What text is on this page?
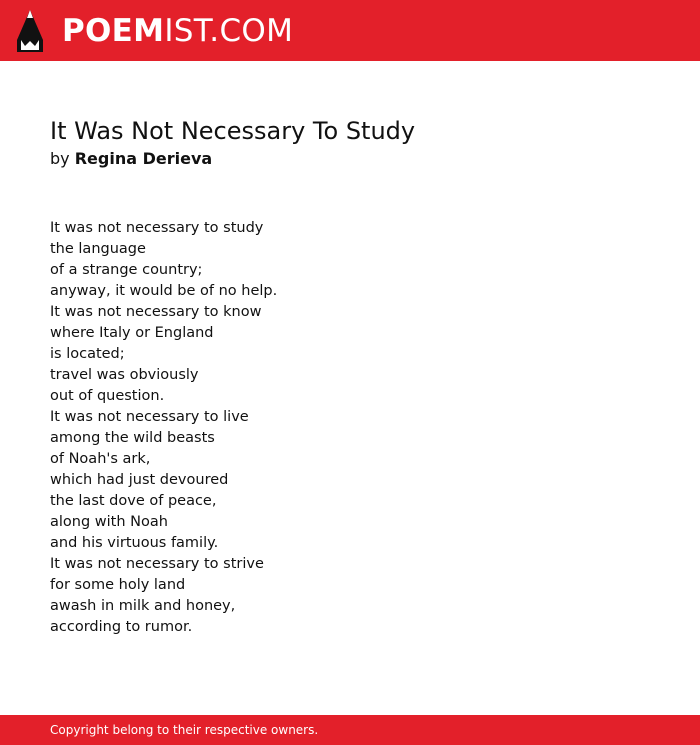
POEMIST.COM
It Was Not Necessary To Study
by Regina Derieva
It was not necessary to study
the language
of a strange country;
anyway, it would be of no help.
It was not necessary to know
where Italy or England
is located;
travel was obviously
out of question.
It was not necessary to live
among the wild beasts
of Noah's ark,
which had just devoured
the last dove of peace,
along with Noah
and his virtuous family.
It was not necessary to strive
for some holy land
awash in milk and honey,
according to rumor.
Copyright belong to their respective owners.
